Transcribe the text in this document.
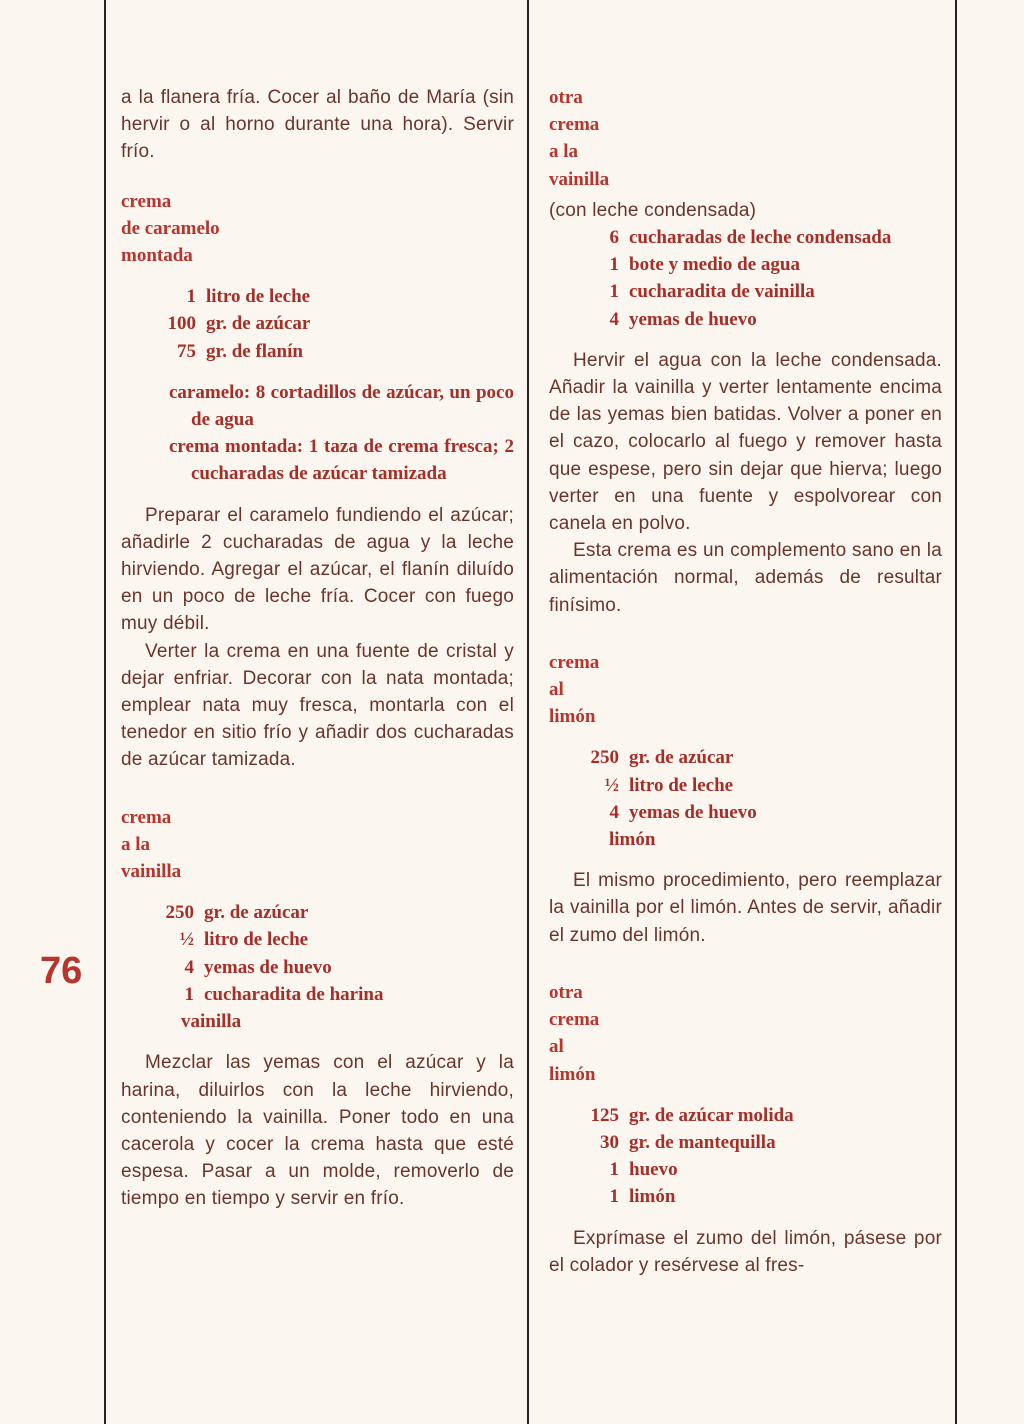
76

a la flanera fría. Cocer al baño de María (sin hervir o al horno durante una hora). Servir frío.

crema
de caramelo
montada
1 litro de leche
100 gr. de azúcar
75 gr. de flanín
caramelo: 8 cortadillos de azúcar, un poco de agua
crema montada: 1 taza de crema fresca; 2 cucharadas de azúcar tamizada

Preparar el caramelo fundiendo el azúcar; añadirle 2 cucharadas de agua y la leche hirviendo. Agregar el azúcar, el flanín diluído en un poco de leche fría. Cocer con fuego muy débil.

Verter la crema en una fuente de cristal y dejar enfriar. Decorar con la nata montada; emplear nata muy fresca, montarla con el tenedor en sitio frío y añadir dos cucharadas de azúcar tamizada.

crema
a la
vainilla
250 gr. de azúcar
½ litro de leche
4 yemas de huevo
1 cucharadita de harina
vainilla

Mezclar las yemas con el azúcar y la harina, diluirlos con la leche hirviendo, conteniendo la vainilla. Poner todo en una cacerola y cocer la crema hasta que esté espesa. Pasar a un molde, removerlo de tiempo en tiempo y servir en frío.

otra
crema
a la
vainilla

(con leche condensada)

6 cucharadas de leche condensada
1 bote y medio de agua
1 cucharadita de vainilla
4 yemas de huevo

Hervir el agua con la leche condensada. Añadir la vainilla y verter lentamente encima de las yemas bien batidas. Volver a poner en el cazo, colocarlo al fuego y remover hasta que espese, pero sin dejar que hierva; luego verter en una fuente y espolvorear con canela en polvo.

Esta crema es un complemento sano en la alimentación normal, además de resultar finísimo.

crema
al
limón
250 gr. de azúcar
½ litro de leche
4 yemas de huevo
limón

El mismo procedimiento, pero reemplazar la vainilla por el limón. Antes de servir, añadir el zumo del limón.

otra
crema
al
limón
125 gr. de azúcar molida
30 gr. de mantequilla
1 huevo
1 limón

Exprímase el zumo del limón, pásese por el colador y resérvese al fres-
